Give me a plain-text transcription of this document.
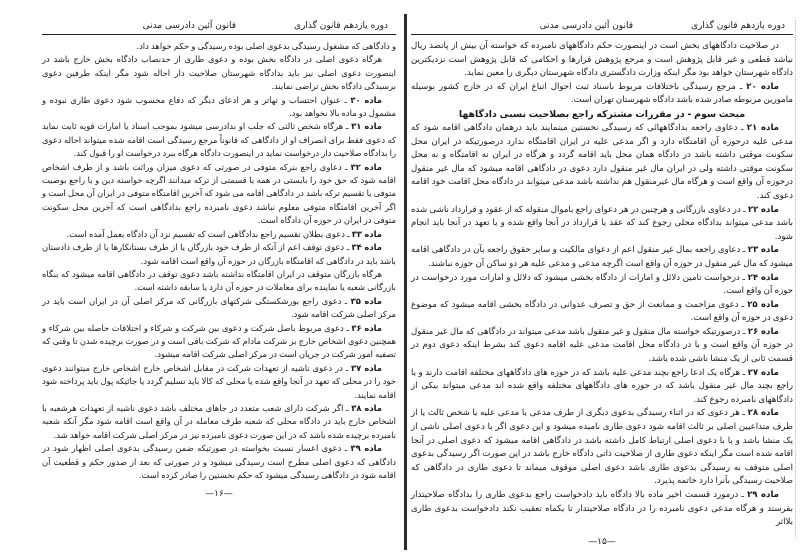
دوره یازدهم قانون گذاری
قانون آئین دادرسی مدنی

و دادگاهی که مشغول رسیدگی بدعوی اصلی بوده رسیدگی و حکم خواهد داد.

هرگاه دعوی اصلی در دادگاه بخش بوده و دعوی طاری از حدنصاب دادگاه بخش خارج باشد در اینصورت دعوی اصلی نیز باید بدادگاه شهرستان صلاحیت دار احاله شود مگر اینکه طرفین دعوی برسیدگی دادگاه بخش تراضی نمایند.

ماده ۳۰ ـ عنوان احتساب و تهاتر و هر ادعای دیگر که دفاع محسوب شود دعوی طاری نبوده و مشمول دو ماده بالا نخواهد بود.

ماده ۳۱ ـ هرگاه شخص ثالثی که جلب او بدادرسی میشود بموجب اسناد یا امارات قویه ثابت نماید که دعوی فقط برای انصراف او از دادگاهی که قانوناً مرجع رسیدگی است اقامه شده میتواند احاله دعوی را بدادگاه صلاحیت دار درخواست نماید در اینصورت دادگاه هرگاه ببرد درخواست او را قبول کند.

ماده ۳۲ ـ دعاوی راجع بترکه متوفی در صورتی که دعوی میزان وراثت باشد و از طرف اشخاص اقامه شود که حق خود را بایستی در همه یا قسمتی از ترکه میدانند اگرچه خواسته دین و یا راجع بوصیت متوفی یا تقسیم ترکه باشد در دادگاهی اقامه می شود که آخرین اقامتگاه متوفی در ایران آن محل است و اگر آخرین اقامتگاه متوفی معلوم نباشد دعوی نامبرده راجع بدادگاهی است که آخرین محل سکونت متوفی در ایران در حوزه آن دادگاه است.

ماده ۳۳ ـ دعوی بطلان تقسیم راجع بدادگاهی است که تقسیم نزد آن دادگاه بعمل آمده است.

ماده ۳۴ ـ دعوی توقف اعم از آنکه از طرف خود بازرگان یا از طرف بستانکارها یا از طرف دادستان باشد باید در دادگاهی که اقامتگاه بازرگان در حوزه آن واقع است اقامه شود.

هرگاه بازرگان متوقف در ایران اقامتگاه نداشته باشد دعوی توقف در دادگاهی اقامه میشود که بنگاه بازرگانی شعبه یا نماینده برای معاملات در حوزه آن دارد یا سابقه داشته است.

ماده ۳۵ ـ دعوی راجع بورشکستگی شرکتهای بازرگانی که مرکز اصلی آن در ایران است باید در مرکز اصلی شرکت اقامه شود.

ماده ۳۶ ـ دعوی مربوط باصل شرکت و دعوی بین شرکت و شرکاء و اختلافات حاصله بین شرکاء و همچنین دعوی اشخاص خارج بر شرکت مادام که شرکت باقی است و در صورت برچیده شدن تا وقتی که تصفیه امور شرکت در جریان است در مرکز اصلی شرکت اقامه میشود.

ماده ۳۷ ـ در دعوی ناشیه از تعهدات شرکت در مقابل اشخاص خارج اشخاص خارج میتوانند دعوی خود را در محلی که تعهد در آنجا واقع شده یا محلی که کالا باید تسلیم گردد یا جائیکه پول باید پرداخته شود اقامه نمایند.

ماده ۳۸ ـ اگر شرکت دارای شعب متعدد در جاهای مختلف باشد دعوی ناشیه از تعهدات هرشعبه با اشخاص خارج باید در دادگاه محلی که شعبه طرف معامله در آن واقع است اقامه شود مگر آنکه شعبه نامبرده برچیده شده باشد که در این صورت دعوی نامبرده نیز در مرکز اصلی شرکت اقامه خواهد شد.

ماده ۳۹ ـ دعوی اعسار نسبت بخواسته در صورتیکه ضمن رسیدگی بدعوی اصلی اظهار شود در دادگاهی که دعوی اصلی مطرح است رسیدگی میشود و در صورتی که بعد از صدور حکم و قطعیت آن اقامه شود در دادگاهی رسیدگی میشود که حکم نخستین را صادر کرده است.

—۱۶—
دوره یازدهم قانون گذاری
قانون آئین دادرسی مدنی

در صلاحیت دادگاههای بخش است در اینصورت حکم دادگاههای نامبرده که خواسته آن بیش از پانصد ریال نباشد قطعی و غیر قابل پژوهش است و مرجع پژوهش قرارها و احکامی که قابل پژوهش است نزدیکترین دادگاه شهرستان خواهد بود مگر اینکه وزارت دادگستری دادگاه شهرستان دیگری را معین نماید.

ماده ۲۰ ـ مرجع رسیدگی باختلافات مربوط باسناد ثبت احوال اتباع ایران که در خارج کشور بوسیله مامورین مربوطه صادر شده باشد دادگاه شهرستان تهران است.

مبحث سوم - در مقررات مشترکه راجع بصلاحیت نسبی دادگاهها

ماده ۲۱ ـ دعاوی راجعه بدادگاههائی که رسیدگی نخستین مینمایند باید درهمان دادگاهی اقامه شود که مدعی علیه درحوزه آن اقامتگاه دارد و اگر مدعی علیه در ایران اقامتگاه ندارد درصورتیکه در ایران محل سکونت موقتی داشته باشد در دادگاه همان محل باید اقامه گردد و هرگاه در ایران نه اقامتگاه و نه محل سکونت موقتی داشته ولی در ایران مال غیر منقول دارد دعوی در دادگاهی اقامه میشود که مال غیر منقول درحوزه آن واقع است و هرگاه مال غیرمنقول هم نداشته باشد مدعی میتواند در دادگاه محل اقامت خود اقامه دعوی کند.

ماده ۲۲ ـ در دعاوی بازرگانی و هرچنین در هر دعوای راجع باموال منقوله که از عقود و قرارداد ناشی شده باشد مدعی میتواند بدادگاه محلی رجوع کند که عقد یا قرارداد در آنجا واقع شده و یا تعهد در آنجا باید انجام شود.

ماده ۲۳ ـ دعاوی راجعه بمال غیر منقول اعم از دعوای مالکیت و سایر حقوق راجعه بآن در دادگاهی اقامه میشود که مال غیر منقول در حوزه آن واقع است اگرچه مدعی و مدعی علیه هر دو ساکن آن حوزه نباشند.

ماده ۲۴ ـ درخواست تامین دلائل و امارات از دادگاه بخشی میشود که دلائل و امارات مورد درخواست در حوزه آن واقع است.

ماده ۲۵ ـ دعوی مزاحمت و ممانعت از حق و تصرف عدوانی در دادگاه بخشی اقامه میشود که موضوع دعوی در حوزه آن واقع است.

ماده ۲۶ ـ درصورتیکه خواسته مال منقول و غیر منقول باشد مدعی میتواند در دادگاهی که مال غیر منقول در حوزه آن واقع است و یا در دادگاه محل اقامت مدعی علیه اقامه دعوی کند بشرط اینکه دعوی دوم در قسمت ثانی از یک منشا ناشی شده باشد.

ماده ۲۷ ـ هرگاه یک ادعا راجع بچند مدعی علیه باشد که در حوزه های دادگاههای مختلفه اقامت دارند و یا راجع بچند مال غیر منقول باشد که در حوزه های دادگاههای مختلفه واقع شده اند مدعی میتواند بیکی از دادگاههای نامبرده رجوع کند.

ماده ۲۸ ـ هر دعوی که در اثناء رسیدگی بدعوی دیگری از طرف مدعی یا مدعی علیه یا شخص ثالث یا از طرف متداعیین اصلی بر ثالث اقامه شود دعوی طاری نامیده میشود و این دعوی اگر با دعوی اصلی ناشی از یک منشا باشد و یا با دعوی اصلی ارتباط کامل داشته باشد در دادگاهی اقامه میشود که دعوی اصلی در آنجا اقامه شده است مگر اینکه دعوی طاری از صلاحیت ذاتی دادگاه خارج باشد در این صورت اگر رسیدگی بدعوی اصلی متوقف به رسیدگی بدعوی طاری باشد دعوی اصلی موقوف میماند تا دعوی طاری در دادگاهی که صلاحیت رسیدگی بآنرا دارد خاتمه پذیرد.

ماده ۲۹ ـ درمورد قسمت اخیر ماده بالا دادگاه باید دادخواست راجع بدعوی طاری را بدادگاه صلاحیتدار بفرستد و هرگاه مدعی دعوی نامبرده را در دادگاه صلاحیتدار تا یکماه تعقیب نکند دادخواست بدعوی طاری بلااثر

—۱۵—
